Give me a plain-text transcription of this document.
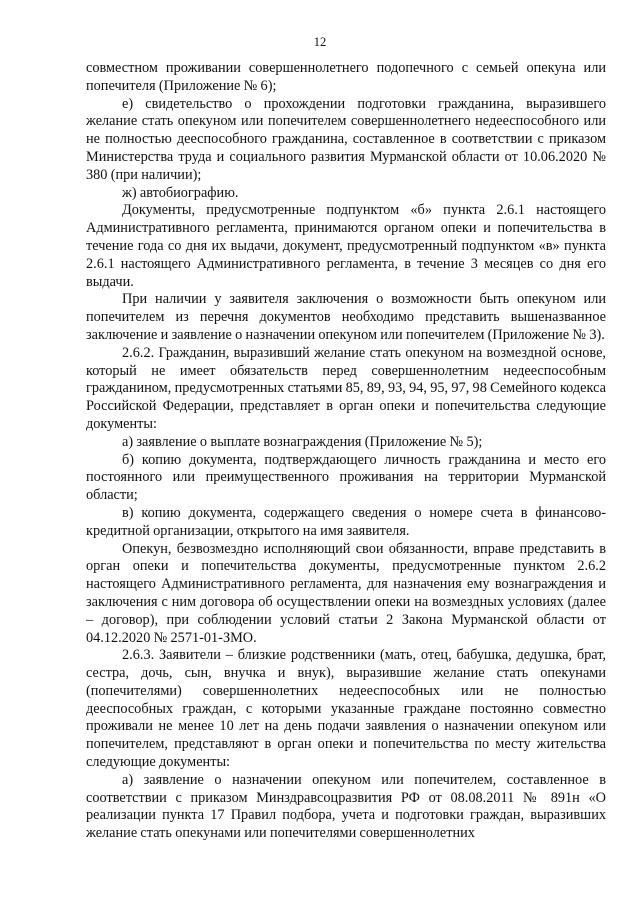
12

совместном проживании совершеннолетнего подопечного с семьей опекуна или попечителя (Приложение № 6);

е) свидетельство о прохождении подготовки гражданина, выразившего желание стать опекуном или попечителем совершеннолетнего недееспособного или не полностью дееспособного гражданина, составленное в соответствии с приказом Министерства труда и социального развития Мурманской области от 10.06.2020 № 380 (при наличии);

ж) автобиографию.

Документы, предусмотренные подпунктом «б» пункта 2.6.1 настоящего Административного регламента, принимаются органом опеки и попечительства в течение года со дня их выдачи, документ, предусмотренный подпунктом «в» пункта 2.6.1 настоящего Административного регламента, в течение 3 месяцев со дня его выдачи.

При наличии у заявителя заключения о возможности быть опекуном или попечителем из перечня документов необходимо представить вышеназванное заключение и заявление о назначении опекуном или попечителем (Приложение № 3).

2.6.2. Гражданин, выразивший желание стать опекуном на возмездной основе, который не имеет обязательств перед совершеннолетним недееспособным гражданином, предусмотренных статьями 85, 89, 93, 94, 95, 97, 98 Семейного кодекса Российской Федерации, представляет в орган опеки и попечительства следующие документы:

а) заявление о выплате вознаграждения (Приложение № 5);

б) копию документа, подтверждающего личность гражданина и место его постоянного или преимущественного проживания на территории Мурманской области;

в) копию документа, содержащего сведения о номере счета в финансово-кредитной организации, открытого на имя заявителя.

Опекун, безвозмездно исполняющий свои обязанности, вправе представить в орган опеки и попечительства документы, предусмотренные пунктом 2.6.2 настоящего Административного регламента, для назначения ему вознаграждения и заключения с ним договора об осуществлении опеки на возмездных условиях (далее – договор), при соблюдении условий статьи 2 Закона Мурманской области от 04.12.2020 № 2571-01-ЗМО.

2.6.3. Заявители – близкие родственники (мать, отец, бабушка, дедушка, брат, сестра, дочь, сын, внучка и внук), выразившие желание стать опекунами (попечителями) совершеннолетних недееспособных или не полностью дееспособных граждан, с которыми указанные граждане постоянно совместно проживали не менее 10 лет на день подачи заявления о назначении опекуном или попечителем, представляют в орган опеки и попечительства по месту жительства следующие документы:

а) заявление о назначении опекуном или попечителем, составленное в соответствии с приказом Минздравсоцразвития РФ от 08.08.2011 № 891н «О реализации пункта 17 Правил подбора, учета и подготовки граждан, выразивших желание стать опекунами или попечителями совершеннолетних
